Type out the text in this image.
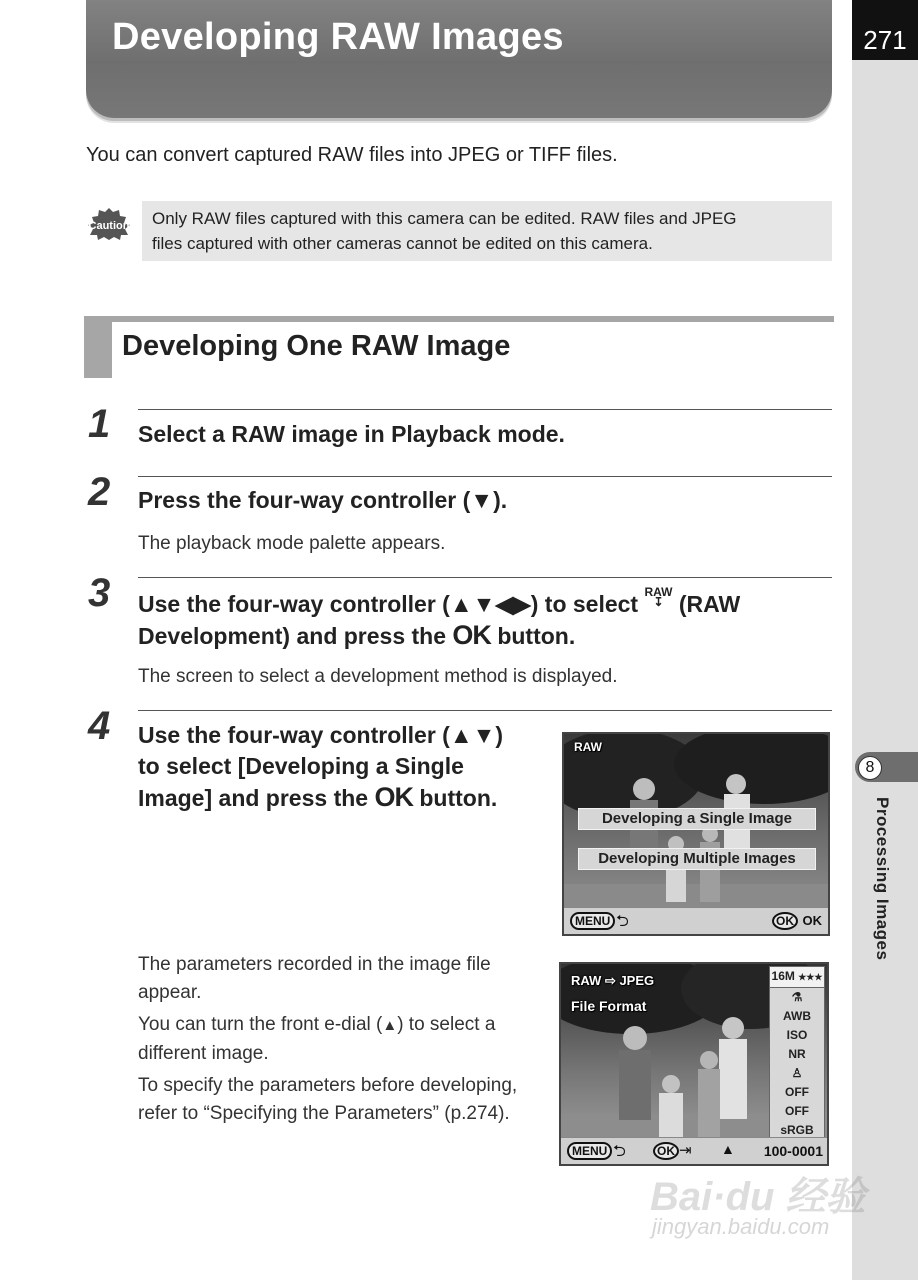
Developing RAW Images	271
8
Processing Images
You can convert captured RAW files into JPEG or TIFF files.
Caution Only RAW files captured with this camera can be edited. RAW files and JPEG
files captured with other cameras cannot be edited on this camera.
Developing One RAW Image
1 Select a RAW image in Playback mode.
2 Press the four-way controller (▼).
The playback mode palette appears.
3 Use the four-way controller (▲▼◀▶) to select RAW
↧ (RAW
Development) and press the OK button.
The screen to select a development method is displayed.
4 Use the four-way controller (▲▼)
to select [Developing a Single
Image] and press the OK button.
RAW
Developing a Single Image
Developing Multiple Images
MENU ⮌	OK OK
RAW ⇨ JPEG
File Format
16M ★★★
⚗
AWB
ISO
NR
♙
OFF
OFF
sRGB
MENU ⮌	OK ⇥ ▲ 100-0001

The parameters recorded in the image file appear.

You can turn the front e-dial (▲) to select a different image.

To specify the parameters before developing, refer to “Specifying the Parameters” (p.274).

Bai·du 经验
jingyan.baidu.com
